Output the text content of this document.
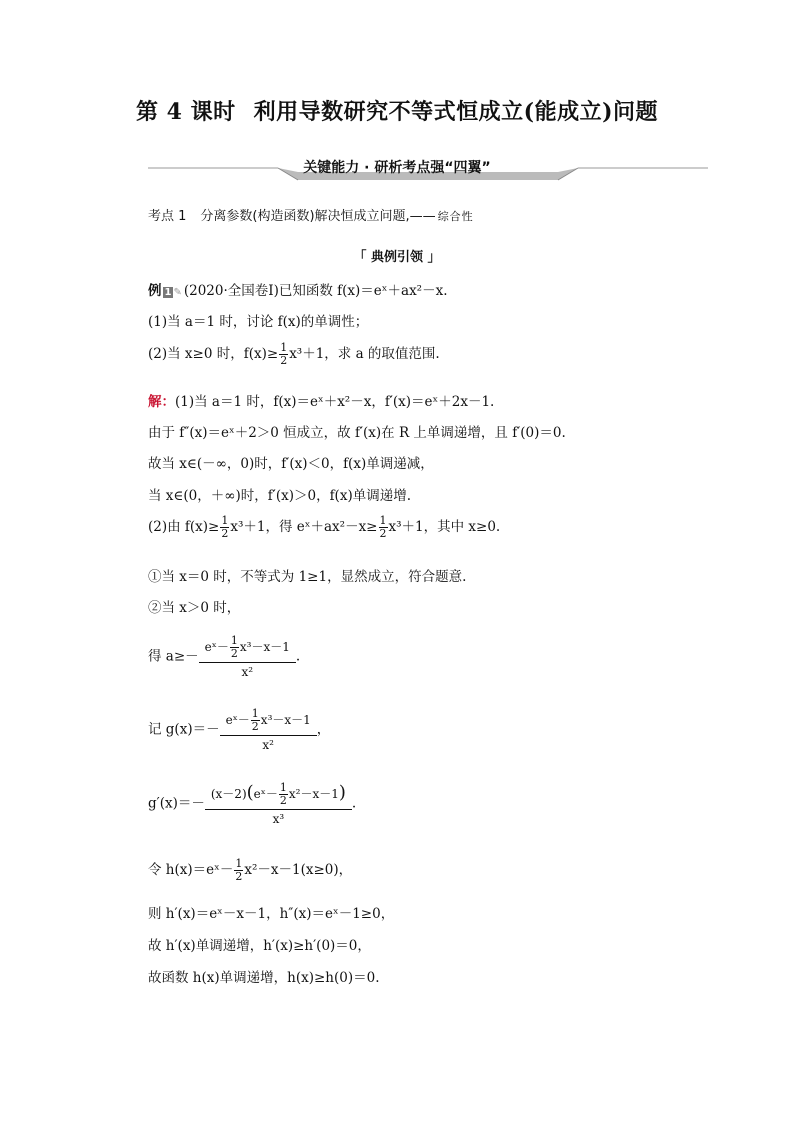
第 4 课时 利用导数研究不等式恒成立(能成立)问题
关键能力 · 研析考点强“四翼”
考点 1 分离参数(构造函数)解决恒成立问题,—— 综合性
「 典例引领 」
例 1 ✎ (2020·全国卷Ⅰ)已知函数 f(x)＝eˣ＋ax²－x.
(1)当 a＝1 时，讨论 f(x)的单调性；
(2)当 x≥0 时，$f(x)\ge \frac{1}{2} x^3+1$，求 a 的取值范围.
解：(1)当 a＝1 时，f(x)＝eˣ＋x²－x，f′(x)＝eˣ＋2x－1.
由于 f″(x)＝eˣ＋2＞0 恒成立，故 f′(x)在 R 上单调递增，且 f′(0)＝0.
故当 x∈(－∞，0)时，f′(x)＜0，f(x)单调递减，
当 x∈(0，＋∞)时，f′(x)＞0，f(x)单调递增.
(2)由 $f(x)\ge \frac{1}{2} x^3+1$，得 eˣ＋ax²－x≥ $\frac{1}{2} x^3+1$，其中 x≥0.
①当 x＝0 时，不等式为 1≥1，显然成立，符合题意.
②当 x＞0 时，
得 $a\ge- \frac{eˣ- \frac{1}{2} x^3-x-1}{\text{x²}}$ .
记 $g(x)=- \frac{eˣ- \frac{1}{2} x^3-x-1}{\text{x²}}$ ，
$g'(x)=- \frac{(x-2)(eˣ- \frac{1}{2} x^2-x-1)}{\text{x³}}$ .
令 h(x)＝eˣ－ $\frac{1}{2} x^2-x-1(x\ge 0)$，
则 h′(x)＝eˣ－x－1，h″(x)＝eˣ－1≥0，
故 h′(x)单调递增，h′(x)≥h′(0)＝0，
故函数 h(x)单调递增，h(x)≥h(0)＝0.
